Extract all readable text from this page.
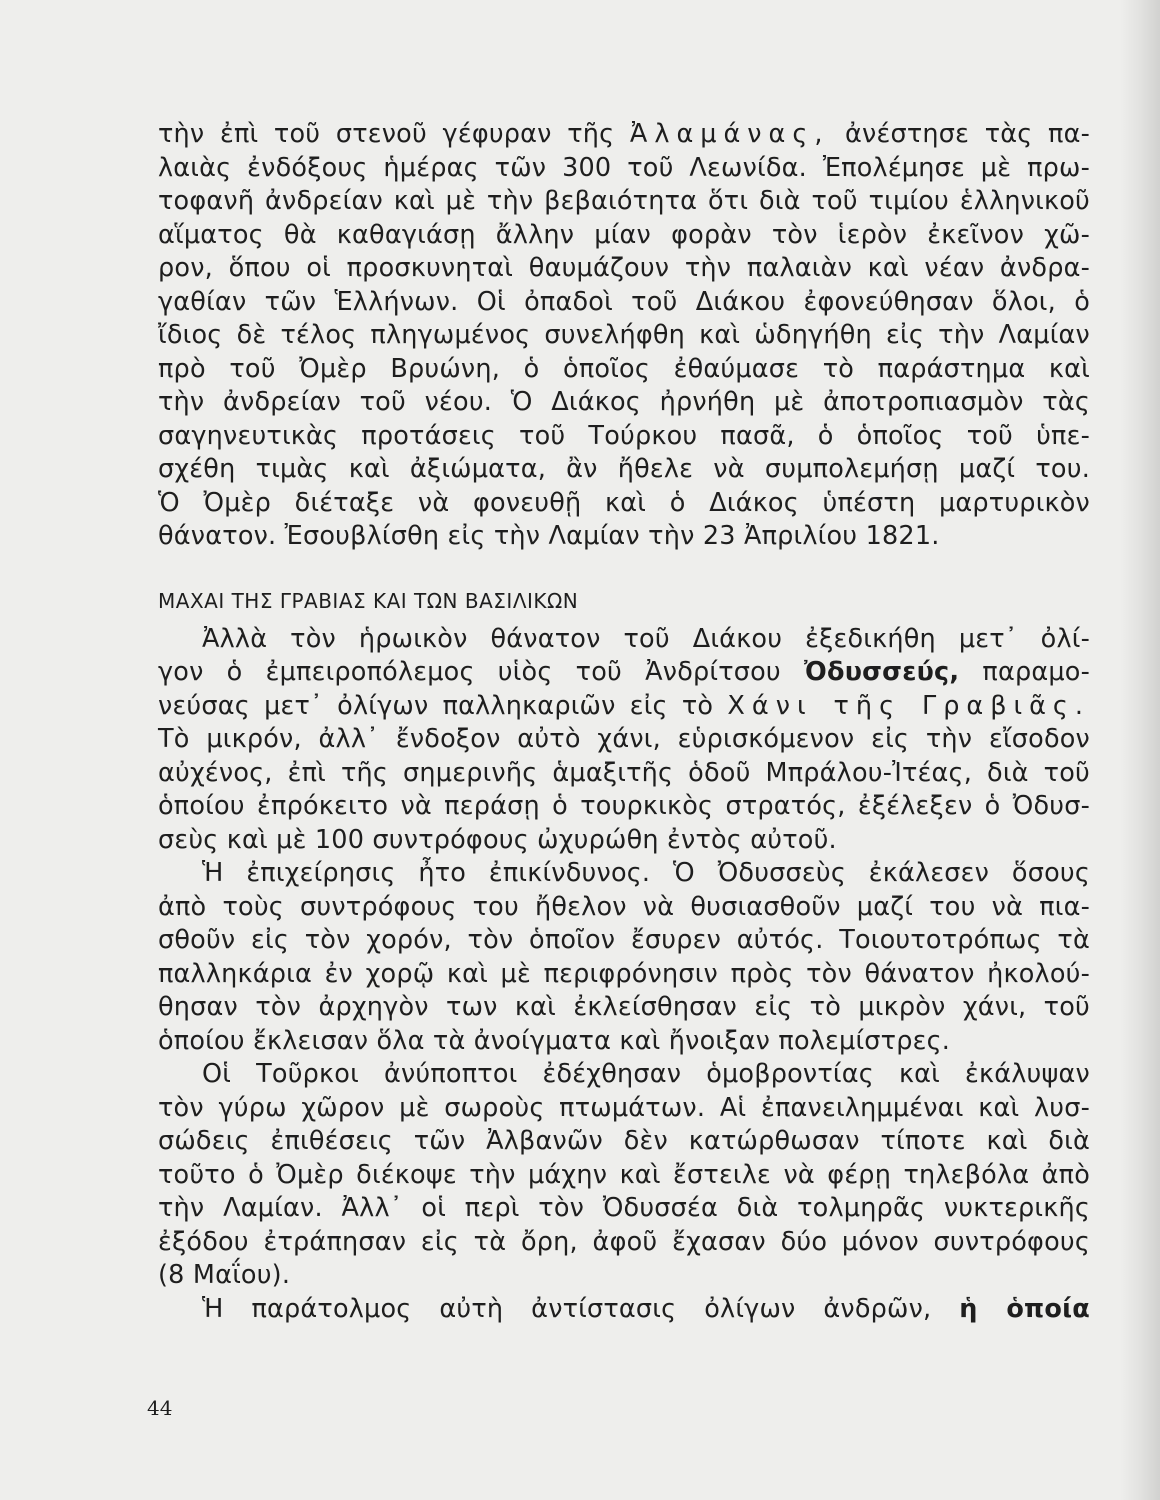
τὴν ἐπὶ τοῦ στενοῦ γέφυραν τῆς Ἀλαμάνας, ἀνέστησε τὰς πα-
λαιὰς ἐνδόξους ἡμέρας τῶν 300 τοῦ Λεωνίδα. Ἐπολέμησε μὲ πρω-
τοφανῆ ἀνδρείαν καὶ μὲ τὴν βεβαιότητα ὅτι διὰ τοῦ τιμίου ἑλληνικοῦ
αἵματος θὰ καθαγιάσῃ ἄλλην μίαν φορὰν τὸν ἱερὸν ἐκεῖνον χῶ-
ρον, ὅπου οἱ προσκυνηταὶ θαυμάζουν τὴν παλαιὰν καὶ νέαν ἀνδρα-
γαθίαν τῶν Ἑλλήνων. Οἱ ὀπαδοὶ τοῦ Διάκου ἐφονεύθησαν ὅλοι, ὁ
ἴδιος δὲ τέλος πληγωμένος συνελήφθη καὶ ὡδηγήθη εἰς τὴν Λαμίαν
πρὸ τοῦ Ὀμὲρ Βρυώνη, ὁ ὁποῖος ἐθαύμασε τὸ παράστημα καὶ
τὴν ἀνδρείαν τοῦ νέου. Ὁ Διάκος ἠρνήθη μὲ ἀποτροπιασμὸν τὰς
σαγηνευτικὰς προτάσεις τοῦ Τούρκου πασᾶ, ὁ ὁποῖος τοῦ ὑπε-
σχέθη τιμὰς καὶ ἀξιώματα, ἂν ἤθελε νὰ συμπολεμήσῃ μαζί του.
Ὁ Ὀμὲρ διέταξε νὰ φονευθῇ καὶ ὁ Διάκος ὑπέστη μαρτυρικὸν
θάνατον. Ἐσουβλίσθη εἰς τὴν Λαμίαν τὴν 23 Ἀπριλίου 1821.
ΜΑΧΑΙ ΤΗΣ ΓΡΑΒΙΑΣ ΚΑΙ ΤΩΝ ΒΑΣΙΛΙΚΩΝ
Ἀλλὰ τὸν ἡρωικὸν θάνατον τοῦ Διάκου ἐξεδικήθη μετ᾽ ὀλί-
γον ὁ ἐμπειροπόλεμος υἱὸς τοῦ Ἀνδρίτσου Ὀδυσσεύς, παραμο-
νεύσας μετ᾽ ὀλίγων παλληκαριῶν εἰς τὸ Χάνι τῆς Γραβιᾶς.
Τὸ μικρόν, ἀλλ᾽ ἔνδοξον αὐτὸ χάνι, εὑρισκόμενον εἰς τὴν εἴσοδον
αὐχένος, ἐπὶ τῆς σημερινῆς ἁμαξιτῆς ὁδοῦ Μπράλου-Ἰτέας, διὰ τοῦ
ὁποίου ἐπρόκειτο νὰ περάσῃ ὁ τουρκικὸς στρατός, ἐξέλεξεν ὁ Ὀδυσ-
σεὺς καὶ μὲ 100 συντρόφους ὠχυρώθη ἐντὸς αὐτοῦ.
Ἡ ἐπιχείρησις ἦτο ἐπικίνδυνος. Ὁ Ὀδυσσεὺς ἐκάλεσεν ὅσους
ἀπὸ τοὺς συντρόφους του ἤθελον νὰ θυσιασθοῦν μαζί του νὰ πια-
σθοῦν εἰς τὸν χορόν, τὸν ὁποῖον ἔσυρεν αὐτός. Τοιουτοτρόπως τὰ
παλληκάρια ἐν χορῷ καὶ μὲ περιφρόνησιν πρὸς τὸν θάνατον ἠκολού-
θησαν τὸν ἀρχηγὸν των καὶ ἐκλείσθησαν εἰς τὸ μικρὸν χάνι, τοῦ
ὁποίου ἔκλεισαν ὅλα τὰ ἀνοίγματα καὶ ἤνοιξαν πολεμίστρες.
Οἱ Τοῦρκοι ἀνύποπτοι ἐδέχθησαν ὁμοβροντίας καὶ ἐκάλυψαν
τὸν γύρω χῶρον μὲ σωροὺς πτωμάτων. Αἱ ἐπανειλημμέναι καὶ λυσ-
σώδεις ἐπιθέσεις τῶν Ἀλβανῶν δὲν κατώρθωσαν τίποτε καὶ διὰ
τοῦτο ὁ Ὀμὲρ διέκοψε τὴν μάχην καὶ ἔστειλε νὰ φέρῃ τηλεβόλα ἀπὸ
τὴν Λαμίαν. Ἀλλ᾽ οἱ περὶ τὸν Ὀδυσσέα διὰ τολμηρᾶς νυκτερικῆς
ἐξόδου ἐτράπησαν εἰς τὰ ὄρη, ἀφοῦ ἔχασαν δύο μόνον συντρόφους
(8 Μαΐου).
Ἡ παράτολμος αὐτὴ ἀντίστασις ὀλίγων ἀνδρῶν, ἡ ὁποία
44
